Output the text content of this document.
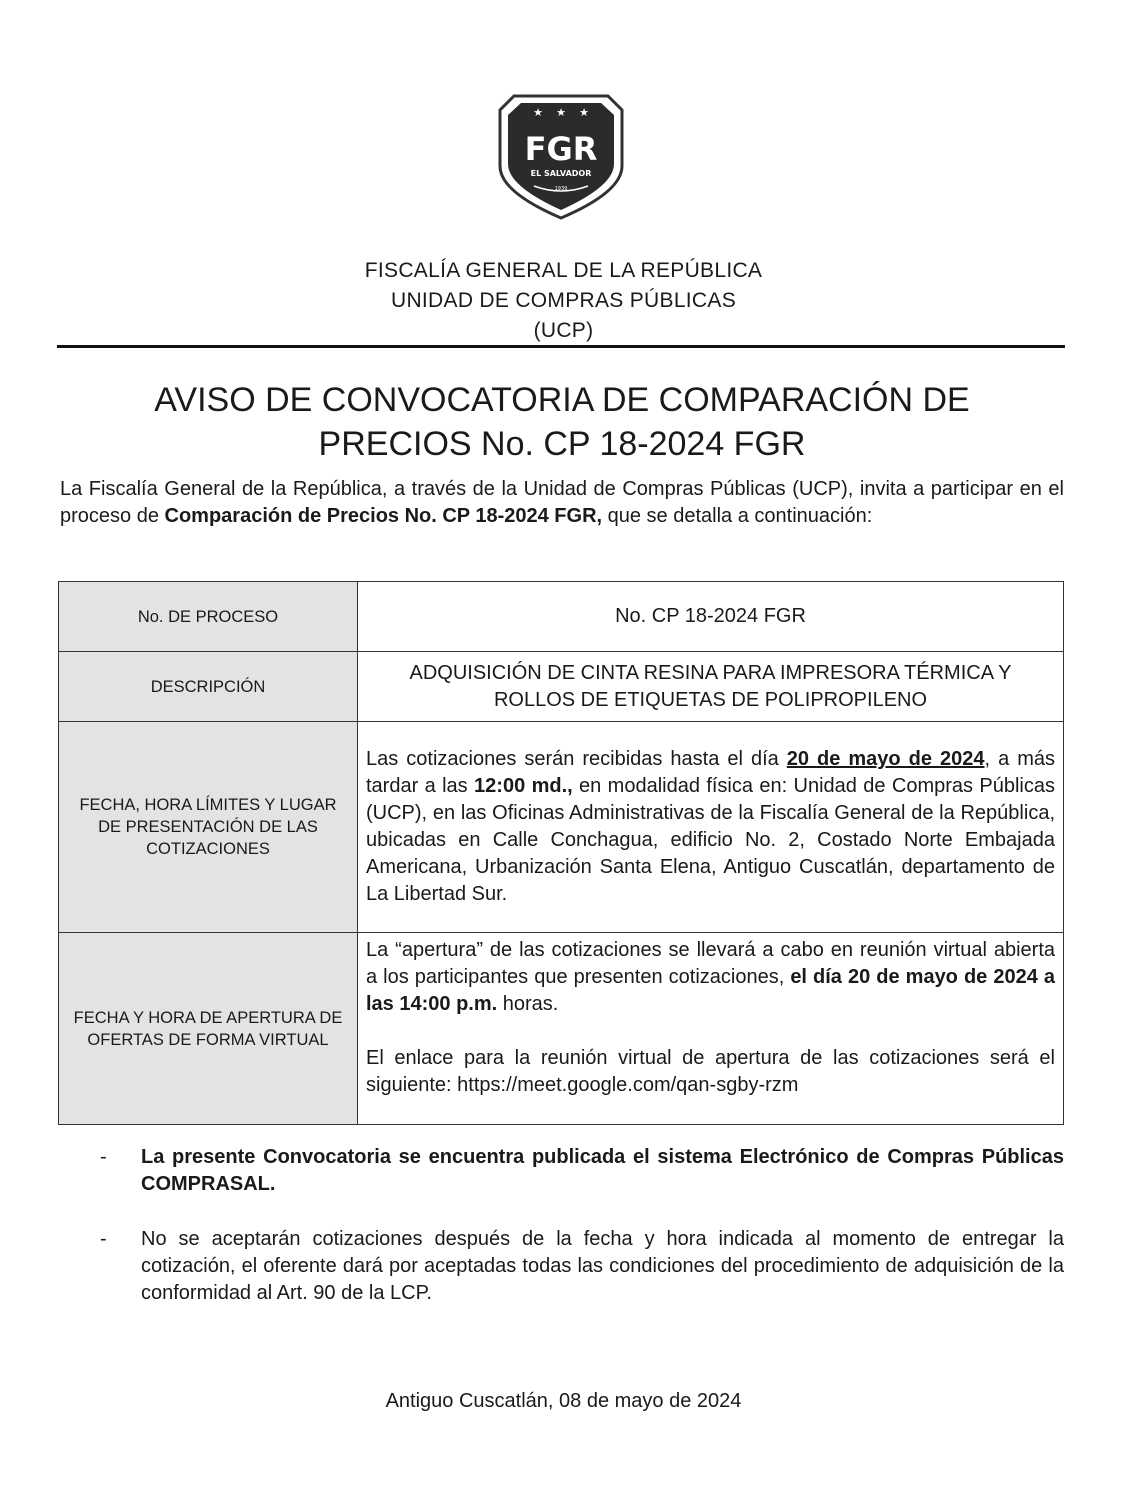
★ ★ ★
FGR
EL SALVADOR
1939
FISCALÍA GENERAL DE LA REPÚBLICA
UNIDAD DE COMPRAS PÚBLICAS
(UCP)
AVISO DE CONVOCATORIA DE COMPARACIÓN DE
PRECIOS No. CP 18-2024 FGR
La Fiscalía General de la República, a través de la Unidad de Compras Públicas (UCP), invita a participar en el proceso de Comparación de Precios No. CP 18-2024 FGR, que se detalla a continuación:
No. DE PROCESO	No. CP 18-2024 FGR
DESCRIPCIÓN	ADQUISICIÓN DE CINTA RESINA PARA IMPRESORA TÉRMICA Y
ROLLOS DE ETIQUETAS DE POLIPROPILENO

FECHA, HORA LÍMITES Y LUGAR DE PRESENTACIÓN DE LAS COTIZACIONES	Las cotizaciones serán recibidas hasta el día 20 de mayo de 2024, a más tardar a las 12:00 md., en modalidad física en: Unidad de Compras Públicas (UCP), en las Oficinas Administrativas de la Fiscalía General de la República, ubicadas en Calle Conchagua, edificio No. 2, Costado Norte Embajada Americana, Urbanización Santa Elena, Antiguo Cuscatlán, departamento de La Libertad Sur.
FECHA Y HORA DE APERTURA DE OFERTAS DE FORMA VIRTUAL	La “apertura” de las cotizaciones se llevará a cabo en reunión virtual abierta a los participantes que presenten cotizaciones, el día 20 de mayo de 2024 a las 14:00 p.m. horas.
El enlace para la reunión virtual de apertura de las cotizaciones será el siguiente: https://meet.google.com/qan-sgby-rzm
- La presente Convocatoria se encuentra publicada el sistema Electrónico de Compras Públicas COMPRASAL.
- No se aceptarán cotizaciones después de la fecha y hora indicada al momento de entregar la cotización, el oferente dará por aceptadas todas las condiciones del procedimiento de adquisición de la conformidad al Art. 90 de la LCP.
Antiguo Cuscatlán, 08 de mayo de 2024
